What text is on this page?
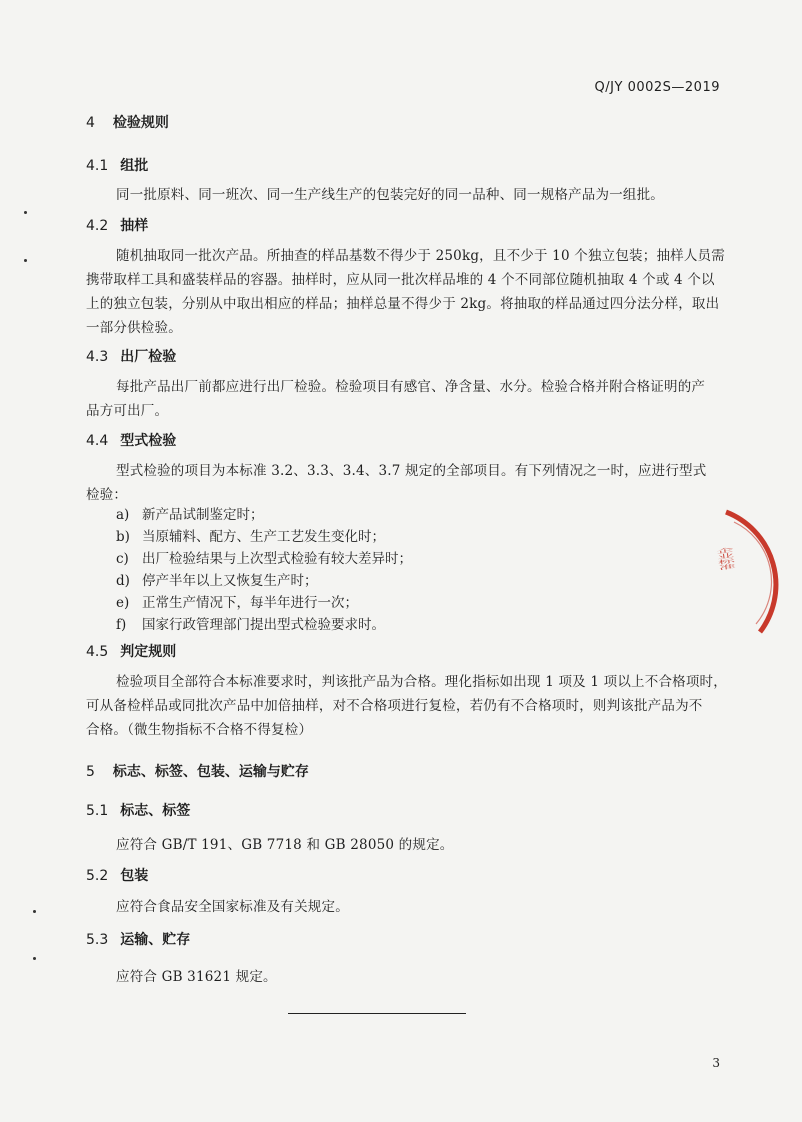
Q/JY 0002S—2019
4 检验规则
4.1 组批
同一批原料、同一班次、同一生产线生产的包装完好的同一品种、同一规格产品为一组批。
4.2 抽样
随机抽取同一批次产品。所抽查的样品基数不得少于 250kg，且不少于 10 个独立包装；抽样人员需
携带取样工具和盛装样品的容器。抽样时，应从同一批次样品堆的 4 个不同部位随机抽取 4 个或 4 个以
上的独立包装，分别从中取出相应的样品；抽样总量不得少于 2kg。将抽取的样品通过四分法分样，取出
一部分供检验。
4.3 出厂检验
每批产品出厂前都应进行出厂检验。检验项目有感官、净含量、水分。检验合格并附合格证明的产
品方可出厂。
4.4 型式检验
型式检验的项目为本标准 3.2、3.3、3.4、3.7 规定的全部项目。有下列情况之一时，应进行型式
检验：
a) 新产品试制鉴定时；
b) 当原辅料、配方、生产工艺发生变化时；
c) 出厂检验结果与上次型式检验有较大差异时；
d) 停产半年以上又恢复生产时；
e) 正常生产情况下，每半年进行一次；
f) 国家行政管理部门提出型式检验要求时。
4.5 判定规则
检验项目全部符合本标准要求时，判该批产品为合格。理化指标如出现 1 项及 1 项以上不合格项时，
可从备检样品或同批次产品中加倍抽样，对不合格项进行复检，若仍有不合格项时，则判该批产品为不
合格。（微生物指标不合格不得复检）
5 标志、标签、包装、运输与贮存
5.1 标志、标签
应符合 GB/T 191、GB 7718 和 GB 28050 的规定。
5.2 包装
应符合食品安全国家标准及有关规定。
5.3 运输、贮存
应符合 GB 31621 规定。
3
企业标准
